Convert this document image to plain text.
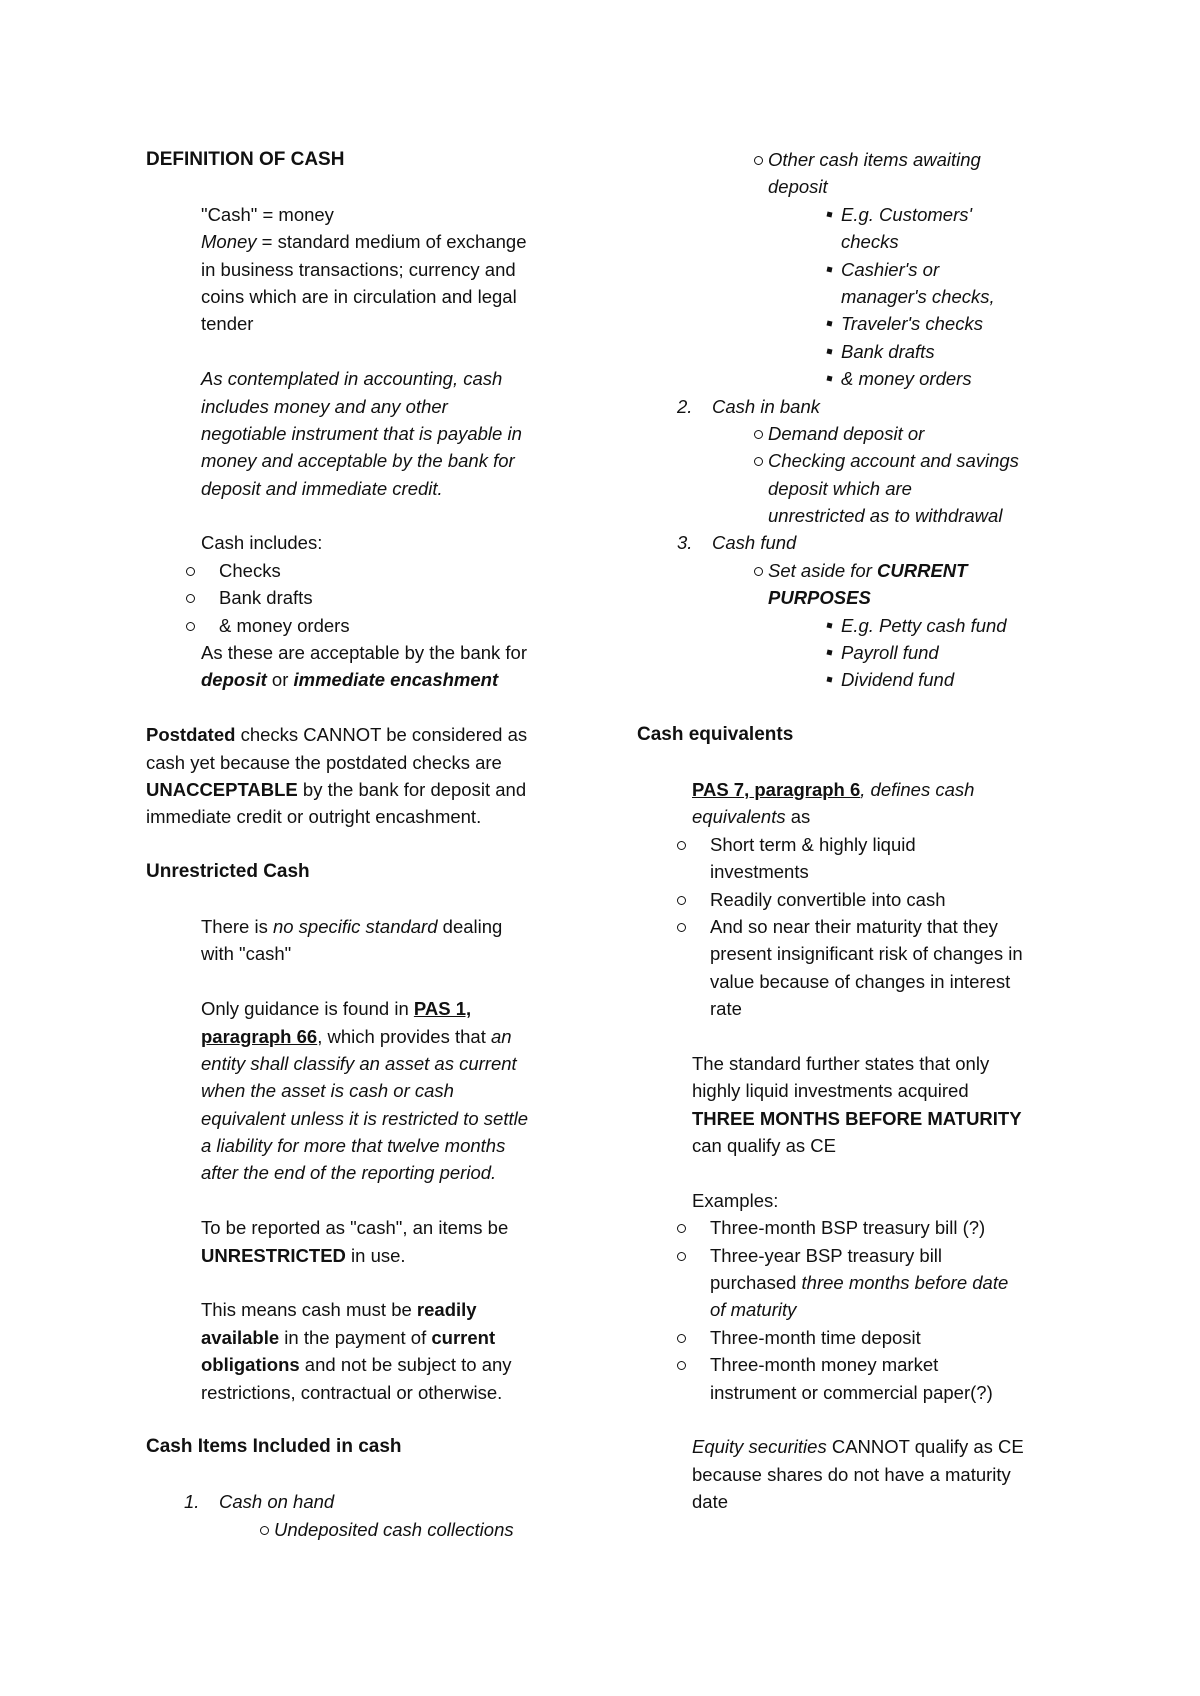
DEFINITION OF CASH
"Cash" = money
Money = standard medium of exchange
in business transactions; currency and
coins which are in circulation and legal
tender
As contemplated in accounting, cash
includes money and any other
negotiable instrument that is payable in
money and acceptable by the bank for
deposit and immediate credit.
Cash includes:
Checks
Bank drafts
& money orders
As these are acceptable by the bank for
deposit or immediate encashment
Postdated checks CANNOT be considered as
cash yet because the postdated checks are
UNACCEPTABLE by the bank for deposit and
immediate credit or outright encashment.
Unrestricted Cash
There is no specific standard dealing
with "cash"
Only guidance is found in PAS 1,
paragraph 66, which provides that an
entity shall classify an asset as current
when the asset is cash or cash
equivalent unless it is restricted to settle
a liability for more that twelve months
after the end of the reporting period.
To be reported as "cash", an items be
UNRESTRICTED in use.
This means cash must be readily
available in the payment of current
obligations and not be subject to any
restrictions, contractual or otherwise.
Cash Items Included in cash
1. Cash on hand
Undeposited cash collections
Other cash items awaiting
deposit
E.g. Customers'
checks
Cashier's or
manager's checks,
Traveler's checks
Bank drafts
& money orders
2. Cash in bank
Demand deposit or
Checking account and savings
deposit which are
unrestricted as to withdrawal
3. Cash fund
Set aside for CURRENT
PURPOSES
E.g. Petty cash fund
Payroll fund
Dividend fund
Cash equivalents
PAS 7, paragraph 6, defines cash
equivalents as
Short term & highly liquid
investments
Readily convertible into cash
And so near their maturity that they
present insignificant risk of changes in
value because of changes in interest
rate
The standard further states that only
highly liquid investments acquired
THREE MONTHS BEFORE MATURITY
can qualify as CE
Examples:
Three-month BSP treasury bill (?)
Three-year BSP treasury bill
purchased three months before date
of maturity
Three-month time deposit
Three-month money market
instrument or commercial paper(?)
Equity securities CANNOT qualify as CE
because shares do not have a maturity
date
